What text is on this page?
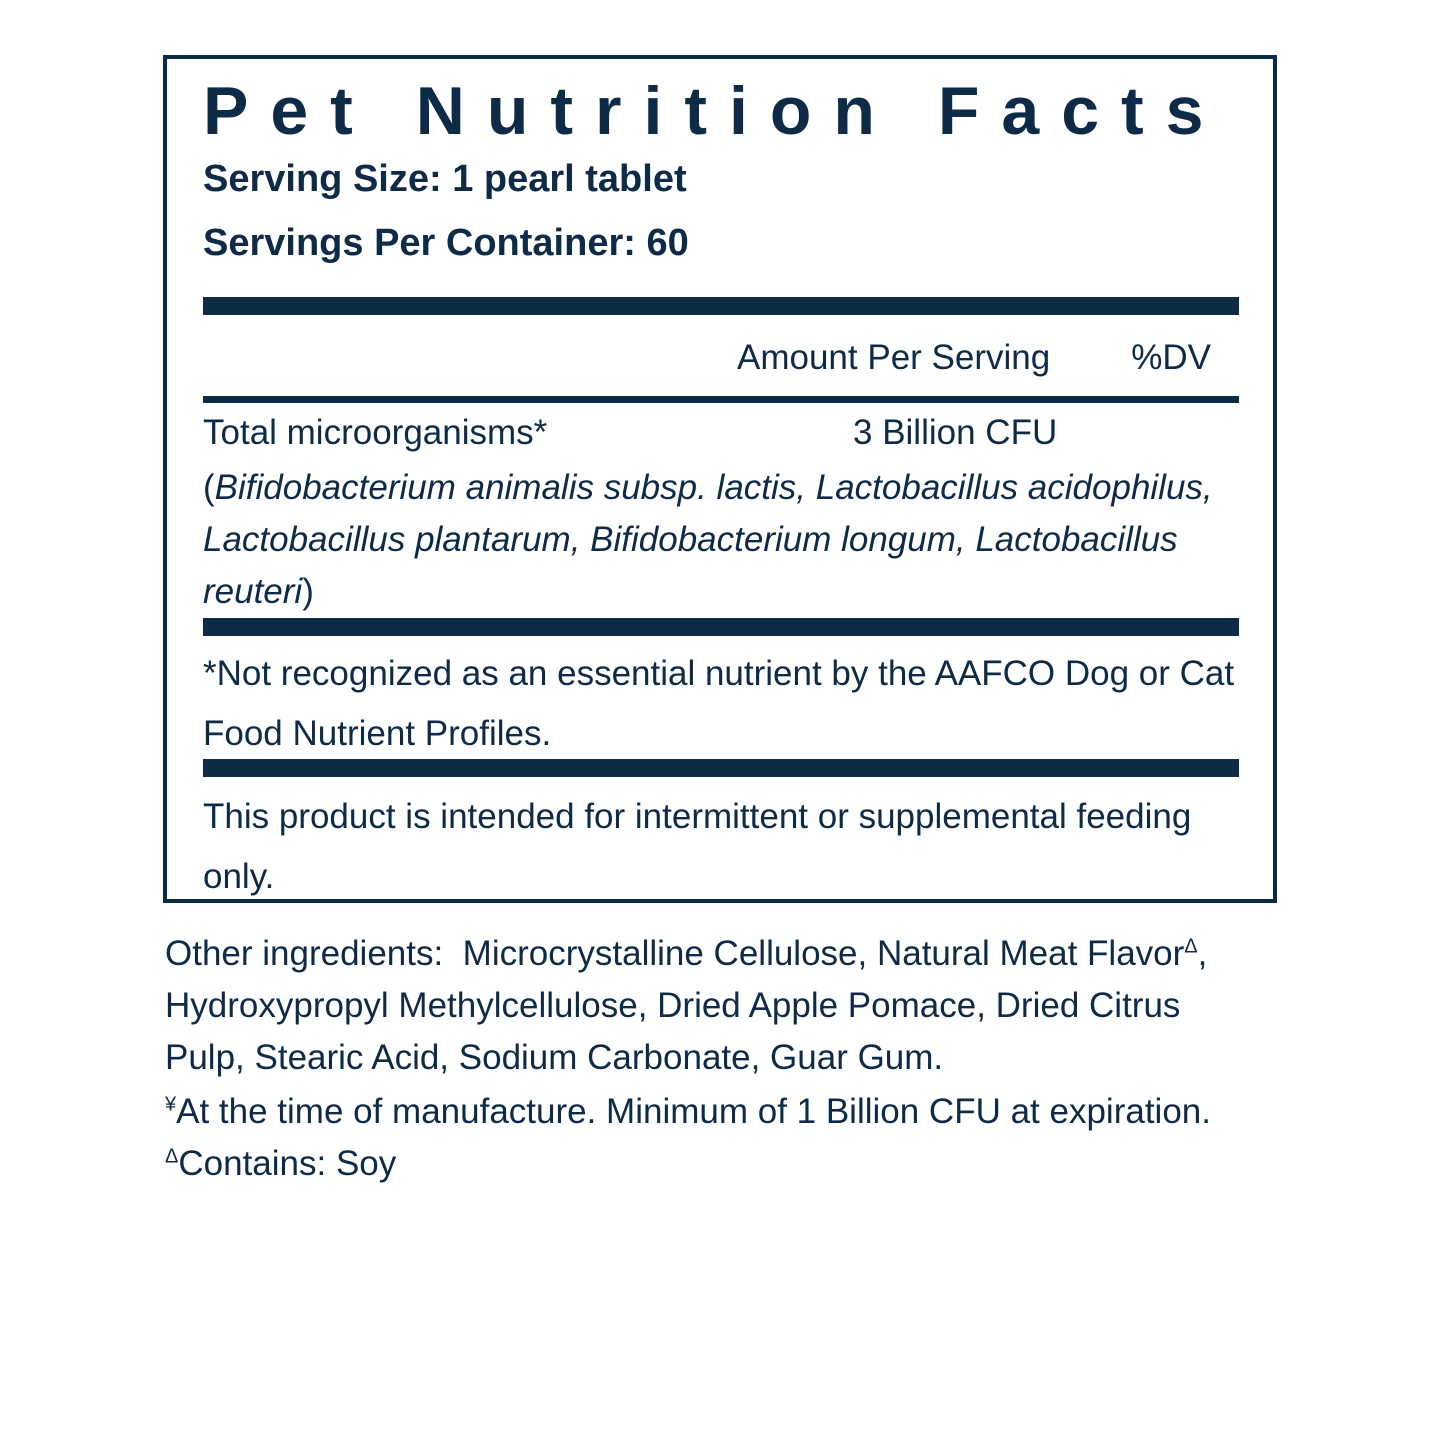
Pet Nutrition Facts
Serving Size: 1 pearl tablet
Servings Per Container: 60
Amount Per Serving %DV
Total microorganisms*	3 Billion CFU
(Bifidobacterium animalis subsp. lactis, Lactobacillus acidophilus, Lactobacillus plantarum, Bifidobacterium longum, Lactobacillus reuteri)
*Not recognized as an essential nutrient by the AAFCO Dog or Cat Food Nutrient Profiles.
This product is intended for intermittent or supplemental feeding only.
Other ingredients: Microcrystalline Cellulose, Natural Meat Flavor$^\Delta$, Hydroxypropyl Methylcellulose, Dried Apple Pomace, Dried Citrus Pulp, Stearic Acid, Sodium Carbonate, Guar Gum.
¥At the time of manufacture. Minimum of 1 Billion CFU at expiration.
$^\Delta$Contains: Soy
